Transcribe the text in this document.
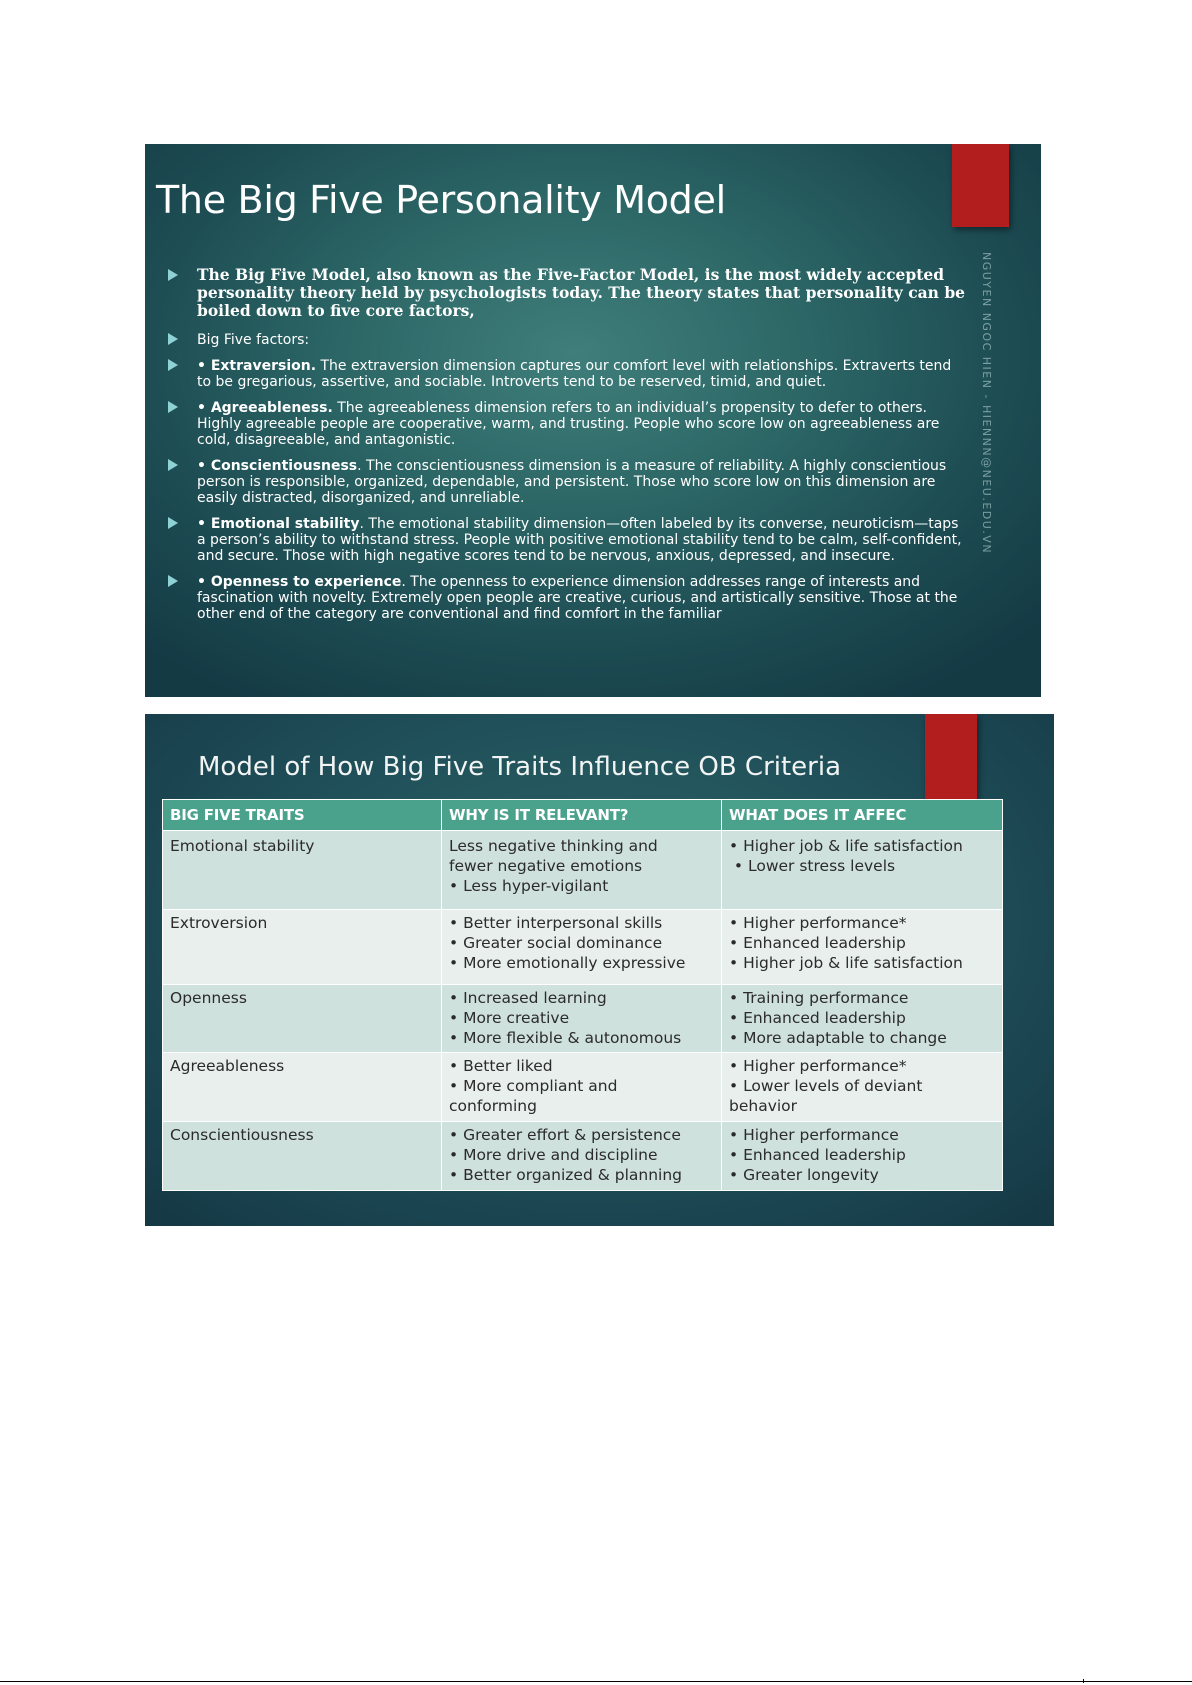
The Big Five Personality Model
NGUYEN NGOC HIEN - HIENNN@NEU.EDU.VN
The Big Five Model, also known as the Five-Factor Model, is the most widely accepted personality theory held by psychologists today. The theory states that personality can be boiled down to five core factors,
Big Five factors:
• Extraversion. The extraversion dimension captures our comfort level with relationships. Extraverts tend to be gregarious, assertive, and sociable. Introverts tend to be reserved, timid, and quiet.
• Agreeableness. The agreeableness dimension refers to an individual’s propensity to defer to others. Highly agreeable people are cooperative, warm, and trusting. People who score low on agreeableness are cold, disagreeable, and antagonistic.
• Conscientiousness. The conscientiousness dimension is a measure of reliability. A highly conscientious person is responsible, organized, dependable, and persistent. Those who score low on this dimension are easily distracted, disorganized, and unreliable.
• Emotional stability. The emotional stability dimension—often labeled by its converse, neuroticism—taps a person’s ability to withstand stress. People with positive emotional stability tend to be calm, self-confident, and secure. Those with high negative scores tend to be nervous, anxious, depressed, and insecure.
• Openness to experience. The openness to experience dimension addresses range of interests and fascination with novelty. Extremely open people are creative, curious, and artistically sensitive. Those at the other end of the category are conventional and find comfort in the familiar
Model of How Big Five Traits Influence OB Criteria
BIG FIVE TRAITS	WHY IS IT RELEVANT?	WHAT DOES IT AFFEC
Emotional stability	Less negative thinking and
fewer negative emotions
• Less hyper-vigilant	• Higher job & life satisfaction
• Lower stress levels

Extroversion	• Better interpersonal skills
• Greater social dominance
• More emotionally expressive	• Higher performance*
• Enhanced leadership
• Higher job & life satisfaction

Openness	• Increased learning
• More creative
• More flexible & autonomous	• Training performance
• Enhanced leadership
• More adaptable to change

Agreeableness	• Better liked
• More compliant and
conforming	• Higher performance*
• Lower levels of deviant
behavior

Conscientiousness	• Greater effort & persistence
• More drive and discipline
• Better organized & planning	• Higher performance
• Enhanced leadership
• Greater longevity
